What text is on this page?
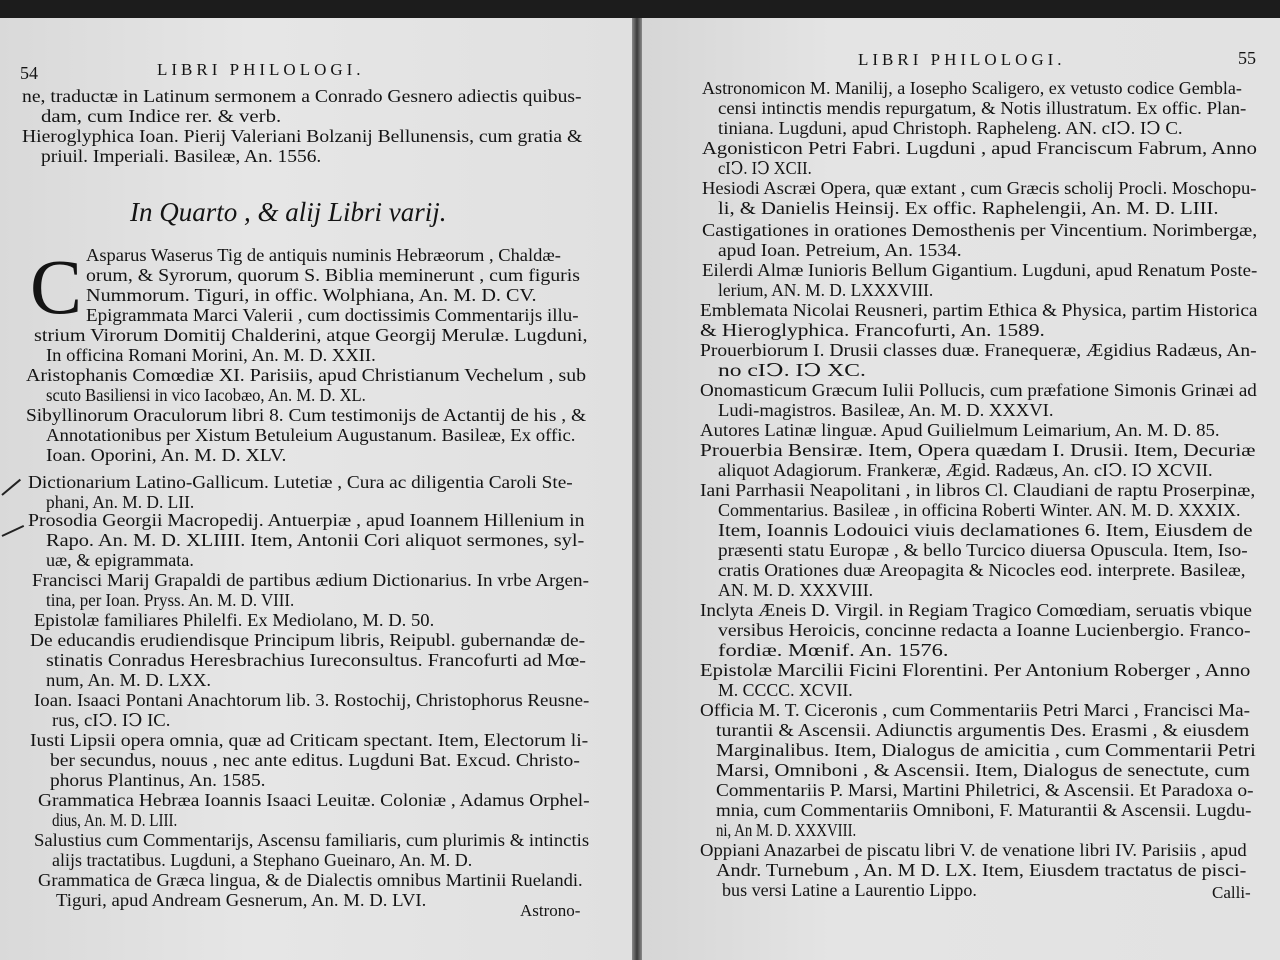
54	LIBRI PHILOLOGI.
In Quarto , & alij Libri varij.
C
Astrono-
LIBRI PHILOLOGI.	55
Calli-
ne, traductæ in Latinum sermonem a Conrado Gesnero adiectis quibus-
dam, cum Indice rer. & verb.
Hieroglyphica Ioan. Pierij Valeriani Bolzanij Bellunensis, cum gratia &
priuil. Imperiali. Basileæ, An. 1556.
Asparus Waserus Tig de antiquis numinis Hebræorum , Chaldæ-
orum, & Syrorum, quorum S. Biblia meminerunt , cum figuris
Nummorum. Tiguri, in offic. Wolphiana, An. M. D. CV.
Epigrammata Marci Valerii , cum doctissimis Commentarijs illu-
strium Virorum Domitij Chalderini, atque Georgij Merulæ. Lugduni,
In officina Romani Morini, An. M. D. XXII.
Aristophanis Comœdiæ XI. Parisiis, apud Christianum Vechelum , sub
scuto Basiliensi in vico Iacobæo, An. M. D. XL.
Sibyllinorum Oraculorum libri 8. Cum testimonijs de Actantij de his , &
Annotationibus per Xistum Betuleium Augustanum. Basileæ, Ex offic.
Ioan. Oporini, An. M. D. XLV.
Dictionarium Latino-Gallicum. Lutetiæ , Cura ac diligentia Caroli Ste-
phani, An. M. D. LII.
Prosodia Georgii Macropedij. Antuerpiæ , apud Ioannem Hillenium in
Rapo. An. M. D. XLIIII. Item, Antonii Cori aliquot sermones, syl-
uæ, & epigrammata.
Francisci Marij Grapaldi de partibus ædium Dictionarius. In vrbe Argen-
tina, per Ioan. Pryss. An. M. D. VIII.
Epistolæ familiares Philelfi. Ex Mediolano, M. D. 50.
De educandis erudiendisque Principum libris, Reipubl. gubernandæ de-
stinatis Conradus Heresbrachius Iureconsultus. Francofurti ad Mœ-
num, An. M. D. LXX.
Ioan. Isaaci Pontani Anachtorum lib. 3. Rostochij, Christophorus Reusne-
rus, cIↃ. IↃ IC.
Iusti Lipsii opera omnia, quæ ad Criticam spectant. Item, Electorum li-
ber secundus, nouus , nec ante editus. Lugduni Bat. Excud. Christo-
phorus Plantinus, An. 1585.
Grammatica Hebræa Ioannis Isaaci Leuitæ. Coloniæ , Adamus Orphel-
dius, An. M. D. LIII.
Salustius cum Commentarijs, Ascensu familiaris, cum plurimis & intinctis
alijs tractatibus. Lugduni, a Stephano Gueinaro, An. M. D.
Grammatica de Græca lingua, & de Dialectis omnibus Martinii Ruelandi.
Tiguri, apud Andream Gesnerum, An. M. D. LVI.
Astronomicon M. Manilij, a Iosepho Scaligero, ex vetusto codice Gembla-
censi intinctis mendis repurgatum, & Notis illustratum. Ex offic. Plan-
tiniana. Lugduni, apud Christoph. Rapheleng. AN. cIↃ. IↃ C.
Agonisticon Petri Fabri. Lugduni , apud Franciscum Fabrum, Anno
cIↃ. IↃ XCII.
Hesiodi Ascræi Opera, quæ extant , cum Græcis scholij Procli. Moschopu-
li, & Danielis Heinsij. Ex offic. Raphelengii, An. M. D. LIII.
Castigationes in orationes Demosthenis per Vincentium. Norimbergæ,
apud Ioan. Petreium, An. 1534.
Eilerdi Almæ Iunioris Bellum Gigantium. Lugduni, apud Renatum Poste-
lerium, AN. M. D. LXXXVIII.
Emblemata Nicolai Reusneri, partim Ethica & Physica, partim Historica
& Hieroglyphica. Francofurti, An. 1589.
Prouerbiorum I. Drusii classes duæ. Franequeræ, Ægidius Radæus, An-
no cIↃ. IↃ XC.
Onomasticum Græcum Iulii Pollucis, cum præfatione Simonis Grinæi ad
Ludi-magistros. Basileæ, An. M. D. XXXVI.
Autores Latinæ linguæ. Apud Guilielmum Leimarium, An. M. D. 85.
Prouerbia Bensiræ. Item, Opera quædam I. Drusii. Item, Decuriæ
aliquot Adagiorum. Frankeræ, Ægid. Radæus, An. cIↃ. IↃ XCVII.
Iani Parrhasii Neapolitani , in libros Cl. Claudiani de raptu Proserpinæ,
Commentarius. Basileæ , in officina Roberti Winter. AN. M. D. XXXIX.
Item, Ioannis Lodouici viuis declamationes 6. Item, Eiusdem de
præsenti statu Europæ , & bello Turcico diuersa Opuscula. Item, Iso-
cratis Orationes duæ Areopagita & Nicocles eod. interprete. Basileæ,
AN. M. D. XXXVIII.
Inclyta Æneis D. Virgil. in Regiam Tragico Comœdiam, seruatis vbique
versibus Heroicis, concinne redacta a Ioanne Lucienbergio. Franco-
fordiæ. Mœnif. An. 1576.
Epistolæ Marcilii Ficini Florentini. Per Antonium Roberger , Anno
M. CCCC. XCVII.
Officia M. T. Ciceronis , cum Commentariis Petri Marci , Francisci Ma-
turantii & Ascensii. Adiunctis argumentis Des. Erasmi , & eiusdem
Marginalibus. Item, Dialogus de amicitia , cum Commentarii Petri
Marsi, Omniboni , & Ascensii. Item, Dialogus de senectute, cum
Commentariis P. Marsi, Martini Philetrici, & Ascensii. Et Paradoxa o-
mnia, cum Commentariis Omniboni, F. Maturantii & Ascensii. Lugdu-
ni, An M. D. XXXVIII.
Oppiani Anazarbei de piscatu libri V. de venatione libri IV. Parisiis , apud
Andr. Turnebum , An. M D. LX. Item, Eiusdem tractatus de pisci-
bus versi Latine a Laurentio Lippo.
